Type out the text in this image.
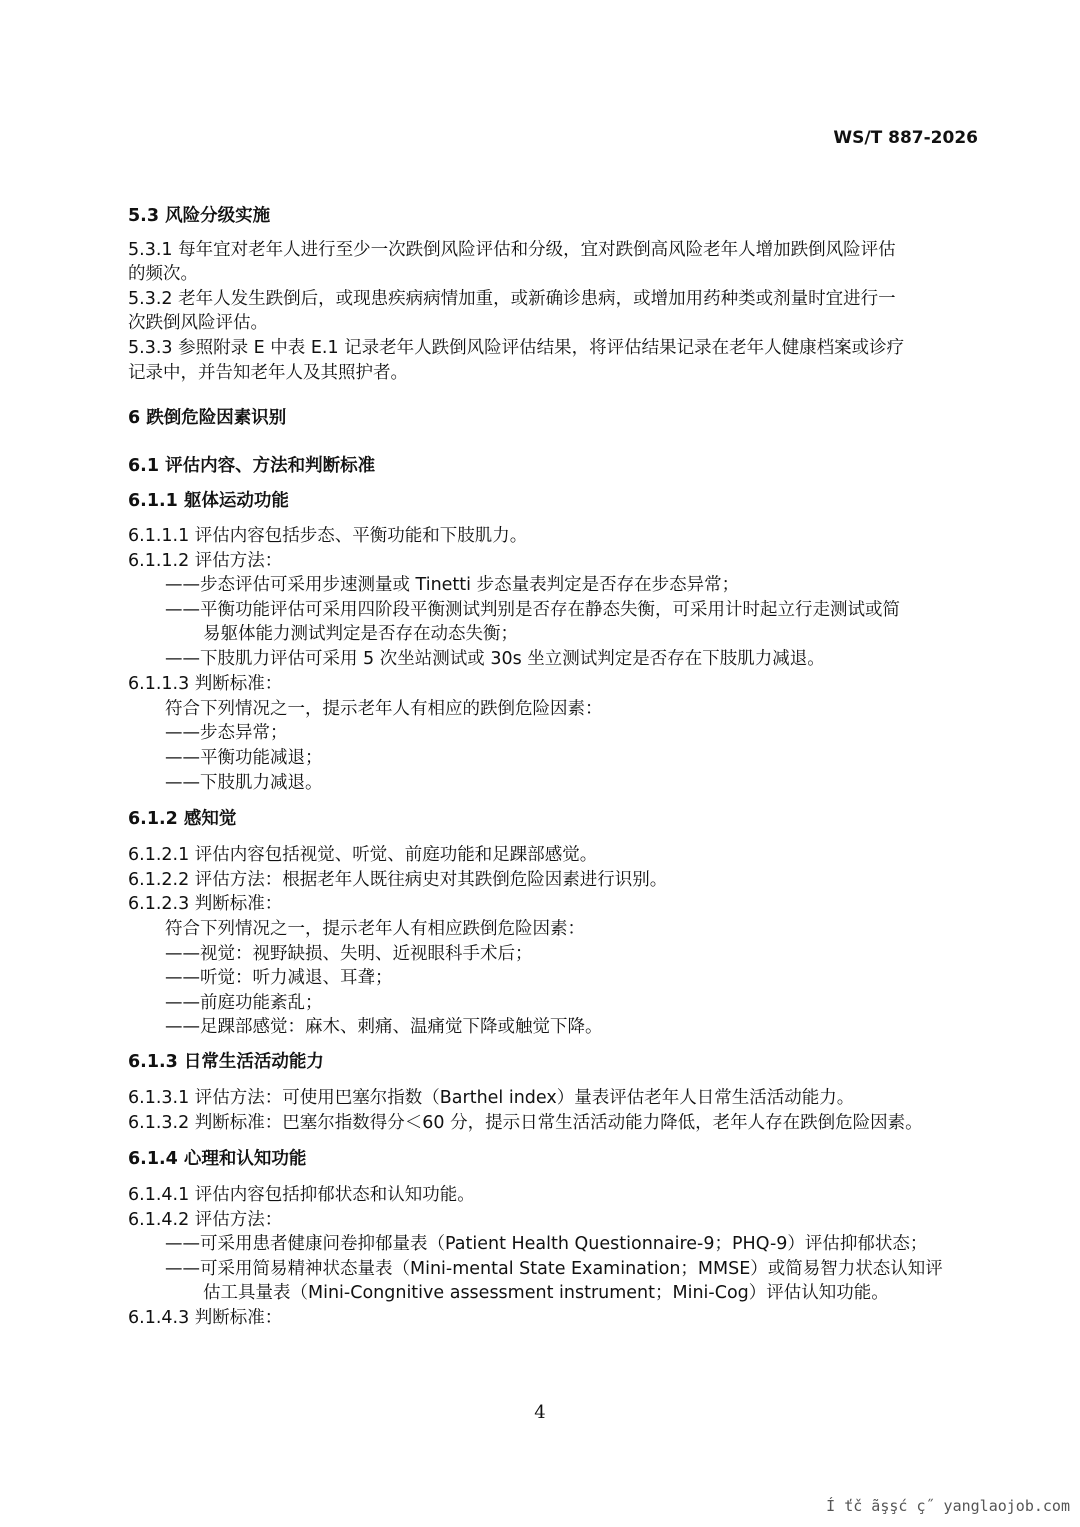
WS/T 887-2026
5.3 风险分级实施
5.3.1 每年宜对老年人进行至少一次跌倒风险评估和分级，宜对跌倒高风险老年人增加跌倒风险评估
的频次。
5.3.2 老年人发生跌倒后，或现患疾病病情加重，或新确诊患病，或增加用药种类或剂量时宜进行一
次跌倒风险评估。
5.3.3 参照附录 E 中表 E.1 记录老年人跌倒风险评估结果，将评估结果记录在老年人健康档案或诊疗
记录中，并告知老年人及其照护者。
6 跌倒危险因素识别
6.1 评估内容、方法和判断标准
6.1.1 躯体运动功能
6.1.1.1 评估内容包括步态、平衡功能和下肢肌力。
6.1.1.2 评估方法：
——步态评估可采用步速测量或 Tinetti 步态量表判定是否存在步态异常；
——平衡功能评估可采用四阶段平衡测试判别是否存在静态失衡，可采用计时起立行走测试或简
易躯体能力测试判定是否存在动态失衡；
——下肢肌力评估可采用 5 次坐站测试或 30s 坐立测试判定是否存在下肢肌力减退。
6.1.1.3 判断标准：
符合下列情况之一，提示老年人有相应的跌倒危险因素：
——步态异常；
——平衡功能减退；
——下肢肌力减退。
6.1.2 感知觉
6.1.2.1 评估内容包括视觉、听觉、前庭功能和足踝部感觉。
6.1.2.2 评估方法：根据老年人既往病史对其跌倒危险因素进行识别。
6.1.2.3 判断标准：
符合下列情况之一，提示老年人有相应跌倒危险因素：
——视觉：视野缺损、失明、近视眼科手术后；
——听觉：听力减退、耳聋；
——前庭功能紊乱；
——足踝部感觉：麻木、刺痛、温痛觉下降或触觉下降。
6.1.3 日常生活活动能力
6.1.3.1 评估方法：可使用巴塞尔指数（Barthel index）量表评估老年人日常生活活动能力。
6.1.3.2 判断标准：巴塞尔指数得分＜60 分，提示日常生活活动能力降低，老年人存在跌倒危险因素。
6.1.4 心理和认知功能
6.1.4.1 评估内容包括抑郁状态和认知功能。
6.1.4.2 评估方法：
——可采用患者健康问卷抑郁量表（Patient Health Questionnaire-9；PHQ-9）评估抑郁状态；
——可采用简易精神状态量表（Mini-mental State Examination；MMSE）或简易智力状态认知评
估工具量表（Mini-Congnitive assessment instrument；Mini-Cog）评估认知功能。
6.1.4.3 判断标准：
4
Í ťč ãşşć ç˝ yanglaojob.com
